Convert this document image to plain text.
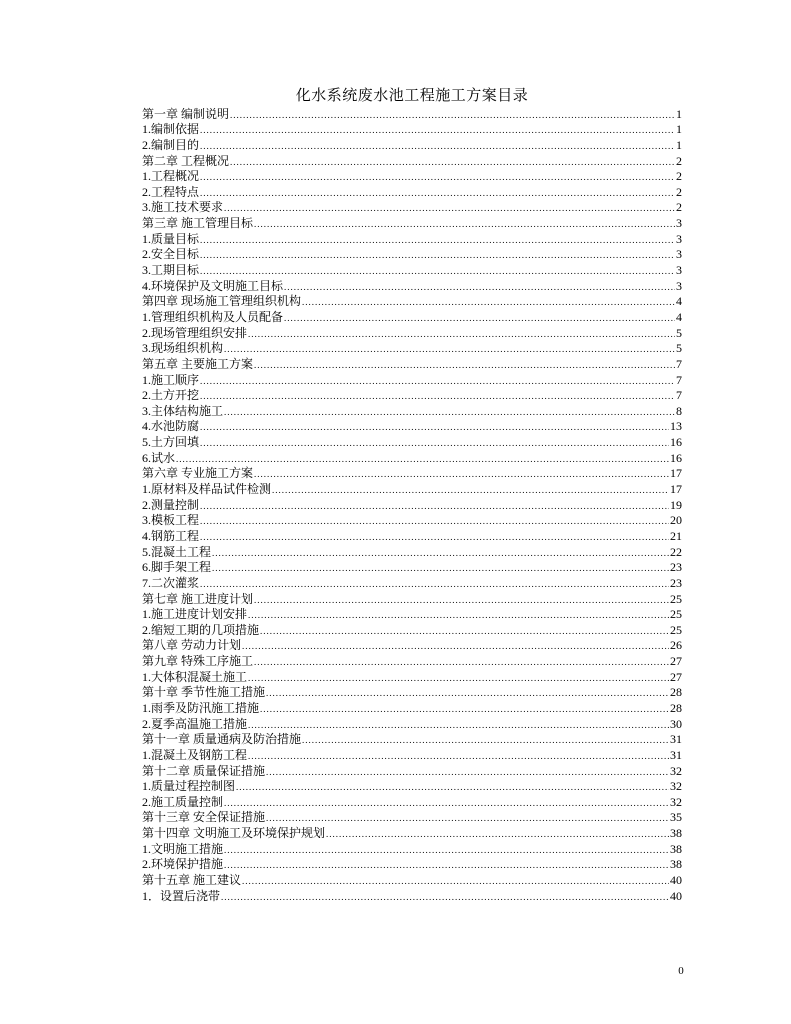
化水系统废水池工程施工方案目录
第一章 编制说明 .....	1
1.编制依据 .....	1
2.编制目的 .....	1
第二章 工程概况 .....	2
1.工程概况 .....	2
2.工程特点 .....	2
3.施工技术要求 .....	2
第三章 施工管理目标 .....	3
1.质量目标 .....	3
2.安全目标 .....	3
3.工期目标 .....	3
4.环境保护及文明施工目标 .....	3
第四章 现场施工管理组织机构 .....	4
1.管理组织机构及人员配备 .....	4
2.现场管理组织安排 .....	5
3.现场组织机构 .....	5
第五章 主要施工方案 .....	7
1.施工顺序 .....	7
2.土方开挖 .....	7
3.主体结构施工 .....	8
4.水池防腐 .....	13
5.土方回填 .....	16
6.试水 .....	16
第六章 专业施工方案 .....	17
1.原材料及样品试件检测 .....	17
2.测量控制 .....	19
3.模板工程 .....	20
4.钢筋工程 .....	21
5.混凝土工程 .....	22
6.脚手架工程 .....	23
7.二次灌浆 .....	23
第七章 施工进度计划 .....	25
1.施工进度计划安排 .....	25
2.缩短工期的几项措施 .....	25
第八章 劳动力计划 .....	26
第九章 特殊工序施工 .....	27
1.大体积混凝土施工 .....	27
第十章 季节性施工措施 .....	28
1.雨季及防汛施工措施 .....	28
2.夏季高温施工措施 .....	30
第十一章 质量通病及防治措施 .....	31
1.混凝土及钢筋工程 .....	31
第十二章 质量保证措施 .....	32
1.质量过程控制图 .....	32
2.施工质量控制 .....	32
第十三章 安全保证措施 .....	35
第十四章 文明施工及环境保护规划 .....	38
1.文明施工措施 .....	38
2.环境保护措施 .....	38
第十五章 施工建议 .....	40
1．设置后浇带 .....	40
0
